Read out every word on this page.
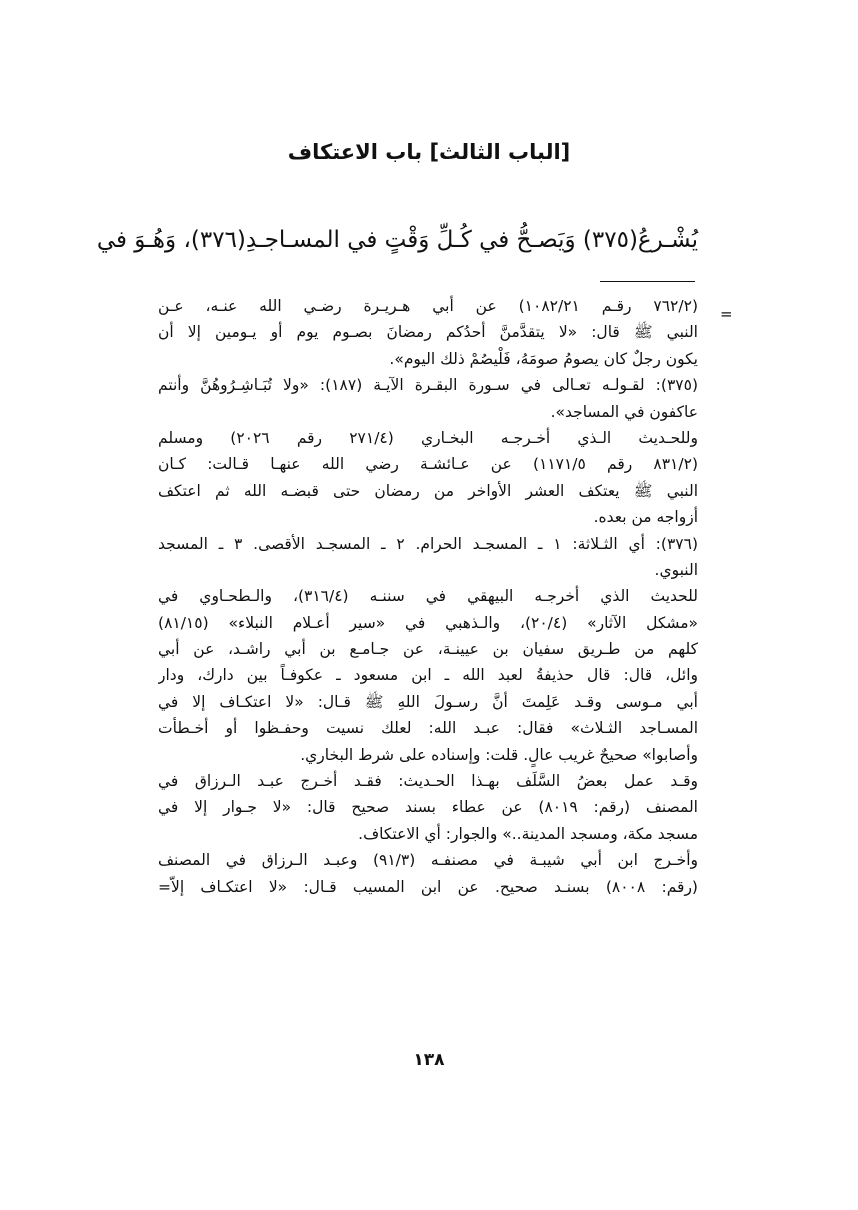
[الباب الثالث] باب الاعتكاف
يُشْـرعُ(٣٧٥) وَيَصـحُّ في كُـلِّ وَقْتٍ في المسـاجـدِ(٣٧٦)، وَهُـوَ في
=
(٧٦٢/٢ رقـم ١٠٨٢/٢١) عن أبي هـريـرة رضـي الله عنـه، عـن
النبي ﷺ قال: «لا يتقدَّمنَّ أحدُكم رمضانَ بصـوم يوم أو يـومين إلا أن
يكون رجلٌ كان يصومُ صومَهُ، فَلْيصُمْ ذلك اليوم».
(٣٧٥): لقـولـه تعـالى في سـورة البقـرة الآيـة (١٨٧): «ولا تُبَـاشِـرُوهُنَّ وأنتم
عاكفون في المساجد».
وللحـديث الـذي أخـرجـه البخـاري (٢٧١/٤ رقم ٢٠٢٦) ومسلم
(٨٣١/٢ رقم ١١٧١/٥) عن عـائشـة رضي الله عنهـا قـالت: كـان
النبي ﷺ يعتكف العشر الأواخر من رمضان حتى قبضـه الله ثم اعتكف
أزواجه من بعده.
(٣٧٦): أي الثـلاثة: ١ ـ المسجـد الحرام. ٢ ـ المسجـد الأقصى. ٣ ـ المسجد
النبوي.
للحديث الذي أخرجـه البيهقي في سننـه (٣١٦/٤)، والـطحـاوي في
«مشكل الآثار» (٢٠/٤)، والـذهبي في «سير أعـلام النبلاء» (٨١/١٥)
كلهم من طـريق سفيان بن عيينـة، عن جـامـع بن أبي راشـد، عن أبي
وائل، قال: قال حذيفةُ لعبد الله ـ ابن مسعود ـ عكوفـاً بين دارك، ودار
أبي مـوسى وقـد عَلِمتَ أنَّ رسـولَ اللهِ ﷺ قـال: «لا اعتكـاف إلا في
المسـاجد الثـلاث» فقال: عبـد الله: لعلك نسيت وحفـظوا أو أخـطأت
وأصابوا» صحيحٌ غريب عالٍ. قلت: وإسناده على شرط البخاري.
وقـد عمل بعضُ السَّلَف بهـذا الحـديث: فقـد أخـرج عبـد الـرزاق في
المصنف (رقم: ٨٠١٩) عن عطاء بسند صحيح قال: «لا جـوار إلا في
مسجد مكة، ومسجد المدينة..» والجوار: أي الاعتكاف.
وأخـرج ابن أبي شيبـة في مصنفـه (٩١/٣) وعبـد الـرزاق في المصنف
(رقم: ٨٠٠٨) بسنـد صحيح. عن ابن المسيب قـال: «لا اعتكـاف إلاّ=
١٣٨
